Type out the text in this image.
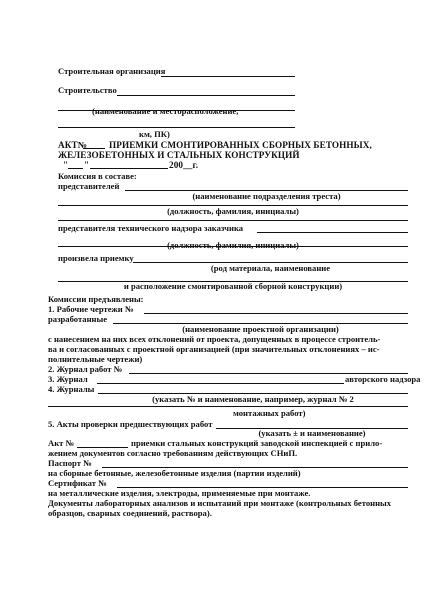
Строительная организация
Строительство
(наименование и месторасположение,
км, ПК)
АКТ№ ПРИЕМКИ СМОНТИРОВАННЫХ СБОРНЫХ БЕТОННЫХ,
ЖЕЛЕЗОБЕТОННЫХ И СТАЛЬНЫХ КОНСТРУКЦИЙ
" "	200__г.
Комиссия в составе:
представителей
(наименование подразделения треста)
(должность, фамилия, инициалы)
представителя технического надзора заказчика
(должность, фамилия, инициалы)
произвела приемку
(род материала, наименование
и расположение смонтированной сборной конструкции)
Комиссии предъявлены:
1. Рабочие чертежи №
разработанные
(наименование проектной организации)
с нанесением на них всех отклонений от проекта, допущенных в процессе строитель-
ва и согласованных с проектной организацией (при значительных отклонениях – ис-
полнительные чертежи)
2. Журнал работ №
3. Журнал	авторского надзора
4. Журналы
(указать № и наименование, например, журнал № 2
монтажных работ)
5. Акты проверки предшествующих работ
(указать ± и наименование)
Акт №	приемки стальных конструкций заводской инспекцией с прило-
жением документов согласно требованиям действующих СНиП.
Паспорт №
на сборные бетонные, железобетонные изделия (партии изделий)
Сертификат №
на металлические изделия, электроды, применяемые при монтаже.
Документы лабораторных анализов и испытаний при монтаже (контрольных бетонных
образцов, сварных соединений, раствора).
